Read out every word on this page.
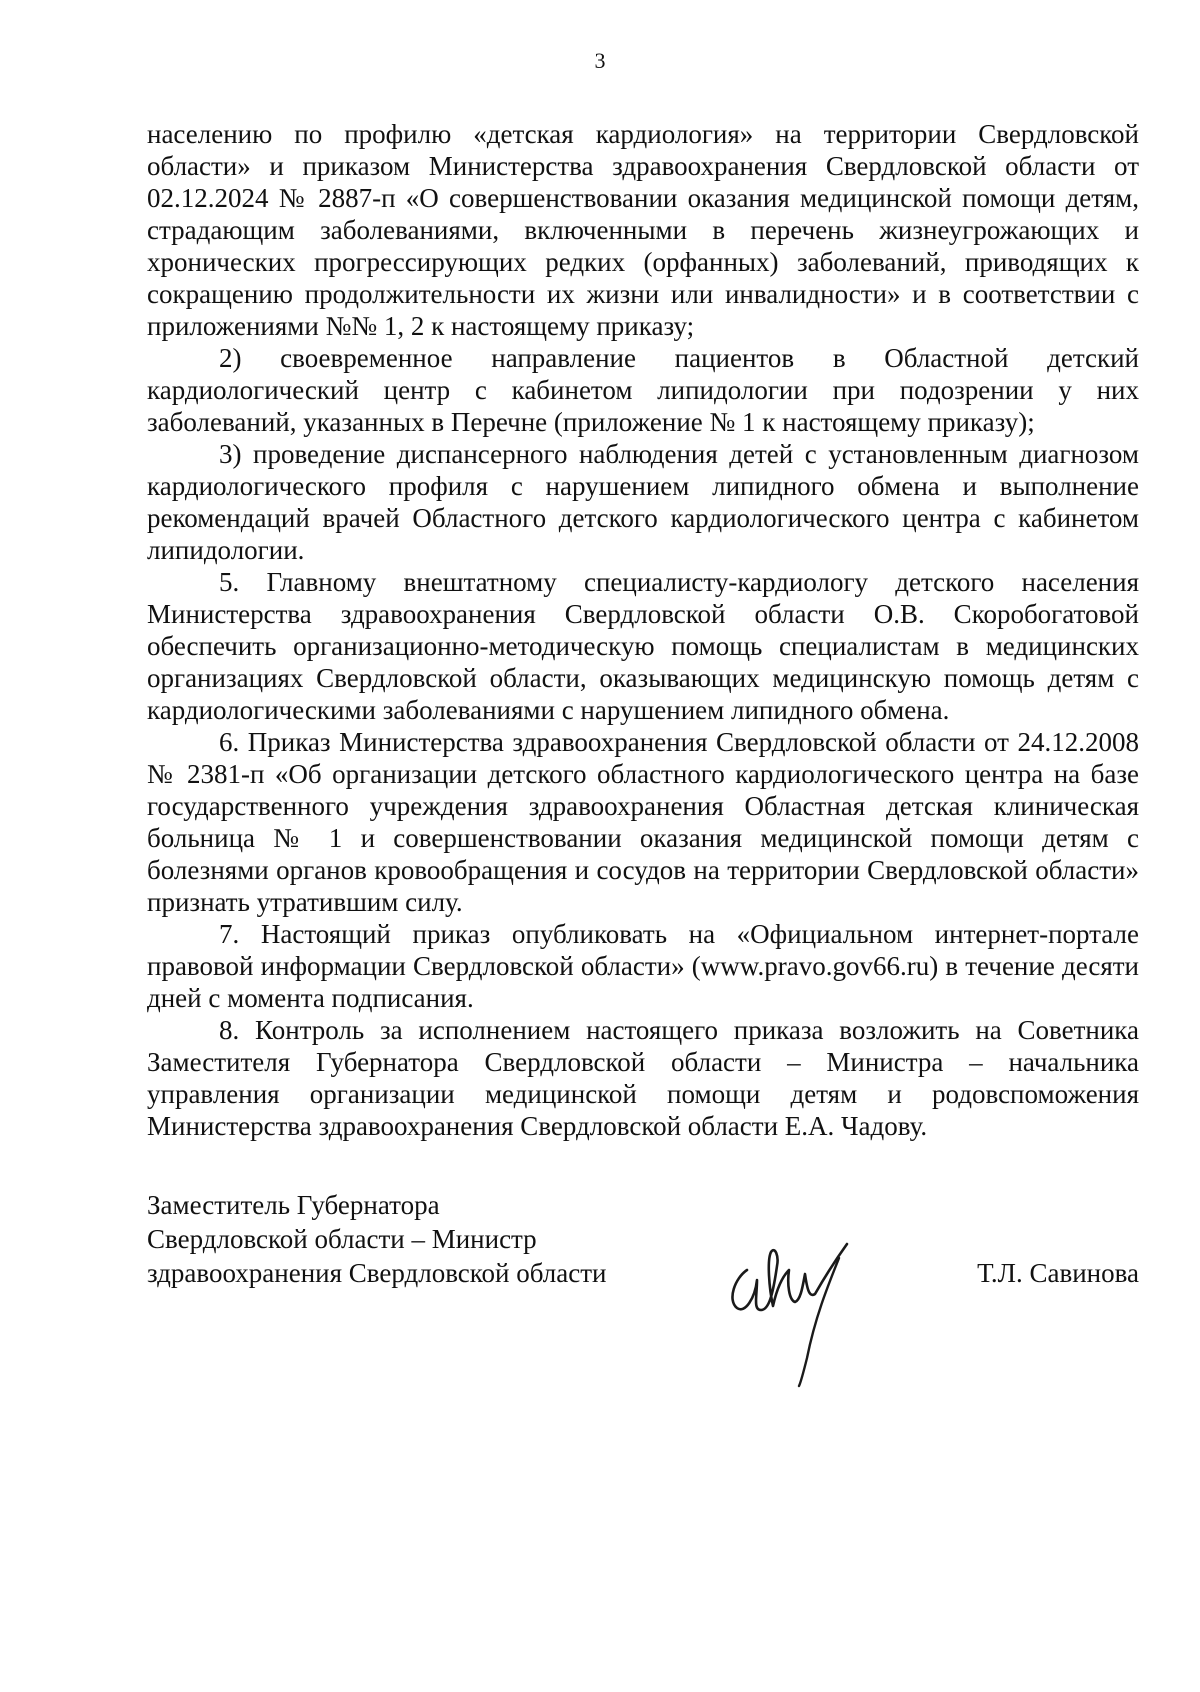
3

населению по профилю «детская кардиология» на территории Свердловской области» и приказом Министерства здравоохранения Свердловской области от 02.12.2024 № 2887-п «О совершенствовании оказания медицинской помощи детям, страдающим заболеваниями, включенными в перечень жизнеугрожающих и хронических прогрессирующих редких (орфанных) заболеваний, приводящих к сокращению продолжительности их жизни или инвалидности» и в соответствии с приложениями №№ 1, 2 к настоящему приказу;

2) своевременное направление пациентов в Областной детский кардиологический центр с кабинетом липидологии при подозрении у них заболеваний, указанных в Перечне (приложение № 1 к настоящему приказу);

3) проведение диспансерного наблюдения детей с установленным диагнозом кардиологического профиля с нарушением липидного обмена и выполнение рекомендаций врачей Областного детского кардиологического центра с кабинетом липидологии.

5. Главному внештатному специалисту-кардиологу детского населения Министерства здравоохранения Свердловской области О.В. Скоробогатовой обеспечить организационно-методическую помощь специалистам в медицинских организациях Свердловской области, оказывающих медицинскую помощь детям с кардиологическими заболеваниями с нарушением липидного обмена.

6. Приказ Министерства здравоохранения Свердловской области от 24.12.2008 № 2381-п «Об организации детского областного кардиологического центра на базе государственного учреждения здравоохранения Областная детская клиническая больница № 1 и совершенствовании оказания медицинской помощи детям с болезнями органов кровообращения и сосудов на территории Свердловской области» признать утратившим силу.

7. Настоящий приказ опубликовать на «Официальном интернет-портале правовой информации Свердловской области» (www.pravo.gov66.ru) в течение десяти дней с момента подписания.

8. Контроль за исполнением настоящего приказа возложить на Советника Заместителя Губернатора Свердловской области – Министра – начальника управления организации медицинской помощи детям и родовспоможения Министерства здравоохранения Свердловской области Е.А. Чадову.

Заместитель Губернатора
Свердловской области – Министр
здравоохранения Свердловской области	Т.Л. Савинова
